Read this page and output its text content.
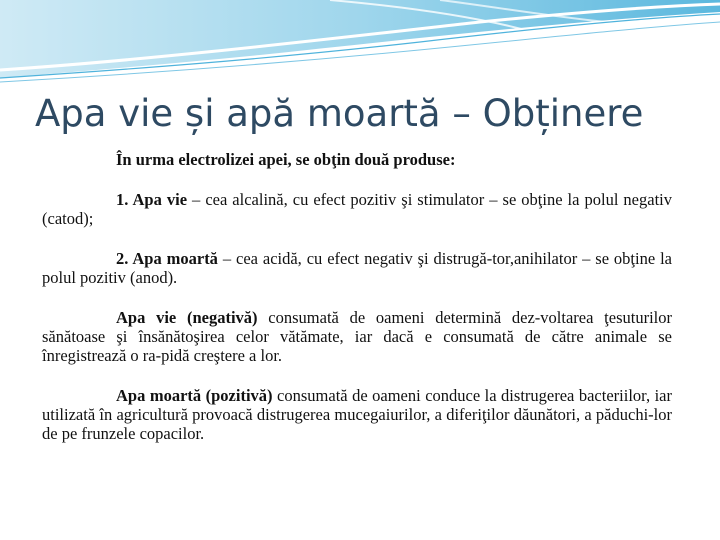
Apa vie și apă moartă – Obținere

În urma electrolizei apei, se obţin două produse:

1. Apa vie – cea alcalină, cu efect pozitiv şi stimulator – se obţine la polul negativ (catod);

2. Apa moartă – cea acidă, cu efect negativ şi distrugă-tor,anihilator – se obţine la polul pozitiv (anod).

Apa vie (negativă) consumată de oameni determină dez-voltarea ţesuturilor sănătoase şi însănătoşirea celor vătămate, iar dacă e consumată de către animale se înregistrează o ra-pidă creştere a lor.

Apa moartă (pozitivă) consumată de oameni conduce la distrugerea bacteriilor, iar utilizată în agricultură provoacă distrugerea mucegaiurilor, a diferiţilor dăunători, a păduchi-lor de pe frunzele copacilor.
